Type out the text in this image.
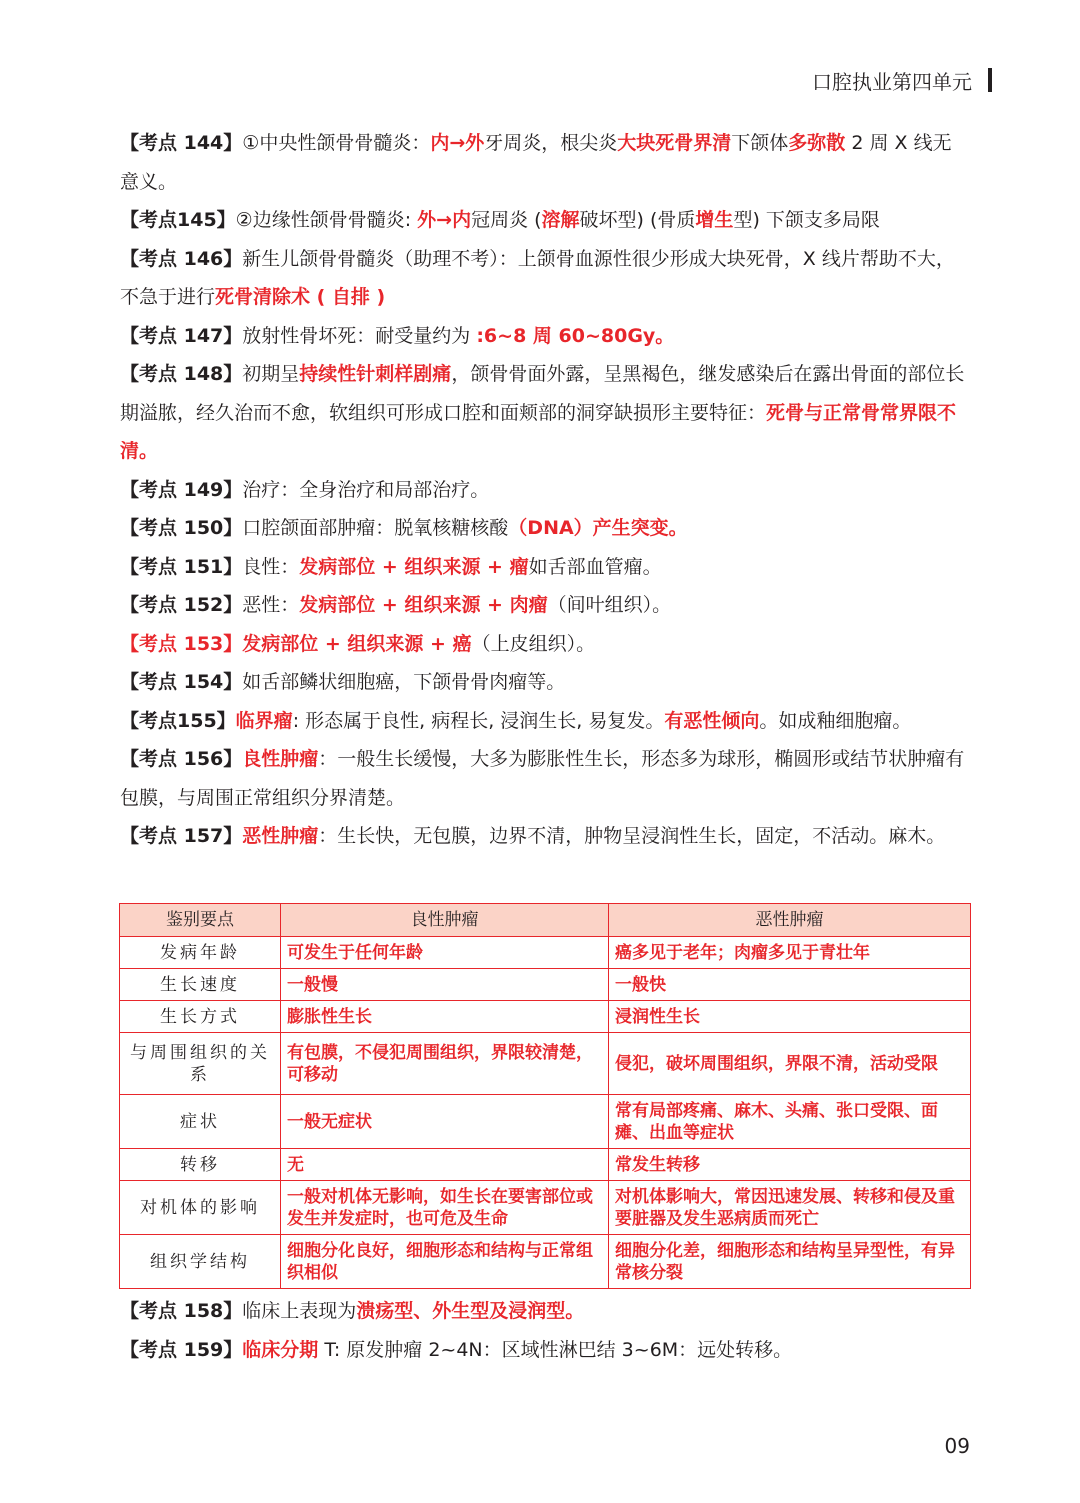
口腔执业第四单元

【考点 144】①中央性颌骨骨髓炎：内→外牙周炎，根尖炎大块死骨界清下颌体多弥散 2 周 X 线无意义。

【考点145】②边缘性颌骨骨髓炎: 外→内冠周炎 (溶解破坏型) (骨质增生型) 下颌支多局限

【考点 146】新生儿颌骨骨髓炎（助理不考）：上颌骨血源性很少形成大块死骨，X 线片帮助不大，不急于进行死骨清除术 ( 自排 )

【考点 147】放射性骨坏死：耐受量约为 :6~8 周 60~80Gy。

【考点 148】初期呈持续性针刺样剧痛，颌骨骨面外露，呈黑褐色，继发感染后在露出骨面的部位长期溢脓，经久治而不愈，软组织可形成口腔和面颊部的洞穿缺损形主要特征：死骨与正常骨常界限不清。

【考点 149】治疗：全身治疗和局部治疗。

【考点 150】口腔颌面部肿瘤：脱氧核糖核酸（DNA）产生突变。

【考点 151】良性：发病部位 + 组织来源 + 瘤如舌部血管瘤。

【考点 152】恶性：发病部位 + 组织来源 + 肉瘤（间叶组织）。

【考点 153】发病部位 + 组织来源 + 癌（上皮组织）。

【考点 154】如舌部鳞状细胞癌，下颌骨骨肉瘤等。

【考点155】临界瘤: 形态属于良性, 病程长, 浸润生长, 易复发。有恶性倾向。如成釉细胞瘤。

【考点 156】良性肿瘤：一般生长缓慢，大多为膨胀性生长，形态多为球形，椭圆形或结节状肿瘤有包膜，与周围正常组织分界清楚。

【考点 157】恶性肿瘤：生长快，无包膜，边界不清，肿物呈浸润性生长，固定，不活动。麻木。

鉴别要点	良性肿瘤	恶性肿瘤
发病年龄	可发生于任何年龄	癌多见于老年；肉瘤多见于青壮年
生长速度	一般慢	一般快
生长方式	膨胀性生长	浸润性生长
与周围组织的关系	有包膜，不侵犯周围组织，界限较清楚，可移动	侵犯，破坏周围组织，界限不清，活动受限
症状	一般无症状	常有局部疼痛、麻木、头痛、张口受限、面瘫、出血等症状
转移	无	常发生转移
对机体的影响	一般对机体无影响，如生长在要害部位或发生并发症时，也可危及生命	对机体影响大，常因迅速发展、转移和侵及重要脏器及发生恶病质而死亡
组织学结构	细胞分化良好，细胞形态和结构与正常组织相似	细胞分化差，细胞形态和结构呈异型性，有异常核分裂

【考点 158】临床上表现为溃疡型、外生型及浸润型。

【考点 159】临床分期 T: 原发肿瘤 2~4N：区域性淋巴结 3~6M：远处转移。

09
